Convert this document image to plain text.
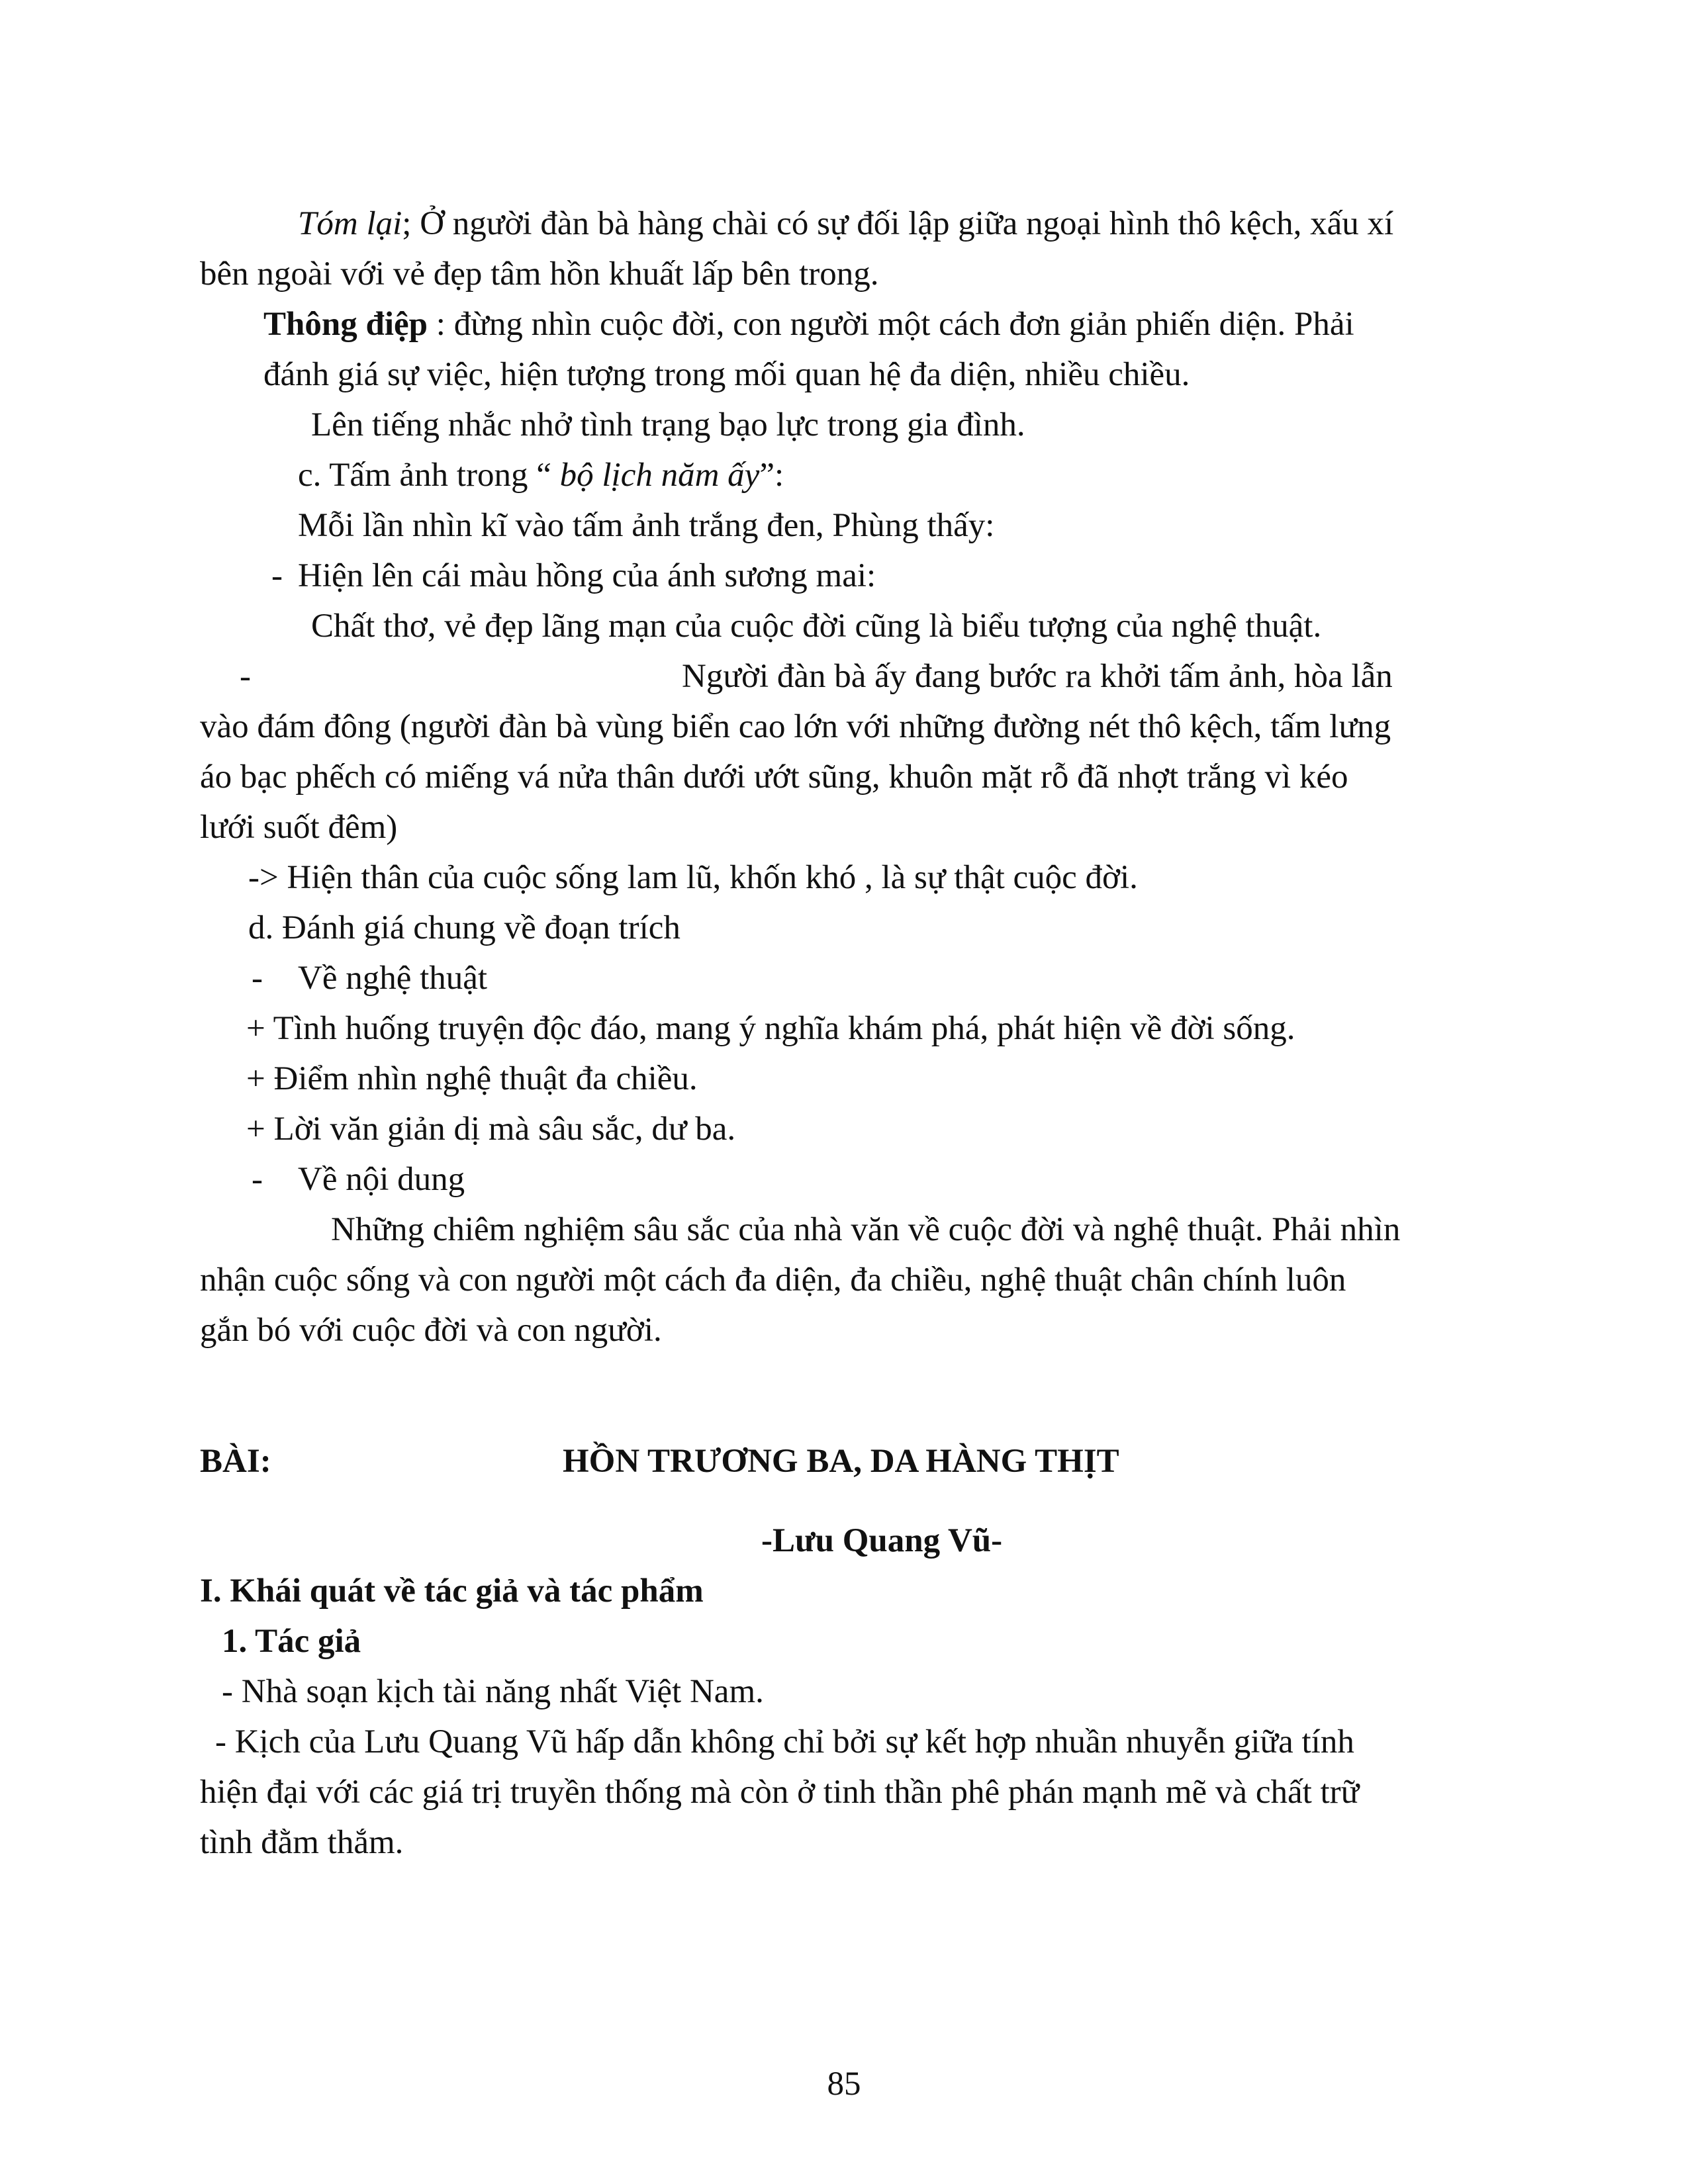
Tóm lại; Ở người đàn bà hàng chài có sự đối lập giữa ngoại hình thô kệch, xấu xí
bên ngoài với vẻ đẹp tâm hồn khuất lấp bên trong.
Thông điệp : đừng nhìn cuộc đời, con người một cách đơn giản phiến diện. Phải
đánh giá sự việc, hiện tượng trong mối quan hệ đa diện, nhiều chiều.
Lên tiếng nhắc nhở tình trạng bạo lực trong gia đình.
c. Tấm ảnh trong “ bộ lịch năm ấy”:
Mỗi lần nhìn kĩ vào tấm ảnh trắng đen, Phùng thấy:
- Hiện lên cái màu hồng của ánh sương mai:
Chất thơ, vẻ đẹp lãng mạn của cuộc đời cũng là biểu tượng của nghệ thuật.
-	Người đàn bà ấy đang bước ra khởi tấm ảnh, hòa lẫn
vào đám đông (người đàn bà vùng biển cao lớn với những đường nét thô kệch, tấm lưng
áo bạc phếch có miếng vá nửa thân dưới ướt sũng, khuôn mặt rỗ đã nhợt trắng vì kéo
lưới suốt đêm)
-> Hiện thân của cuộc sống lam lũ, khốn khó , là sự thật cuộc đời.
d. Đánh giá chung về đoạn trích
- Về nghệ thuật
+ Tình huống truyện độc đáo, mang ý nghĩa khám phá, phát hiện về đời sống.
+ Điểm nhìn nghệ thuật đa chiều.
+ Lời văn giản dị mà sâu sắc, dư ba.
- Về nội dung
Những chiêm nghiệm sâu sắc của nhà văn về cuộc đời và nghệ thuật. Phải nhìn
nhận cuộc sống và con người một cách đa diện, đa chiều, nghệ thuật chân chính luôn
gắn bó với cuộc đời và con người.
BÀI:	HỒN TRƯƠNG BA, DA HÀNG THỊT
-Lưu Quang Vũ-
I. Khái quát về tác giả và tác phẩm
1. Tác giả
- Nhà soạn kịch tài năng nhất Việt Nam.
- Kịch của Lưu Quang Vũ hấp dẫn không chỉ bởi sự kết hợp nhuần nhuyễn giữa tính
hiện đại với các giá trị truyền thống mà còn ở tinh thần phê phán mạnh mẽ và chất trữ
tình đằm thắm.
85
